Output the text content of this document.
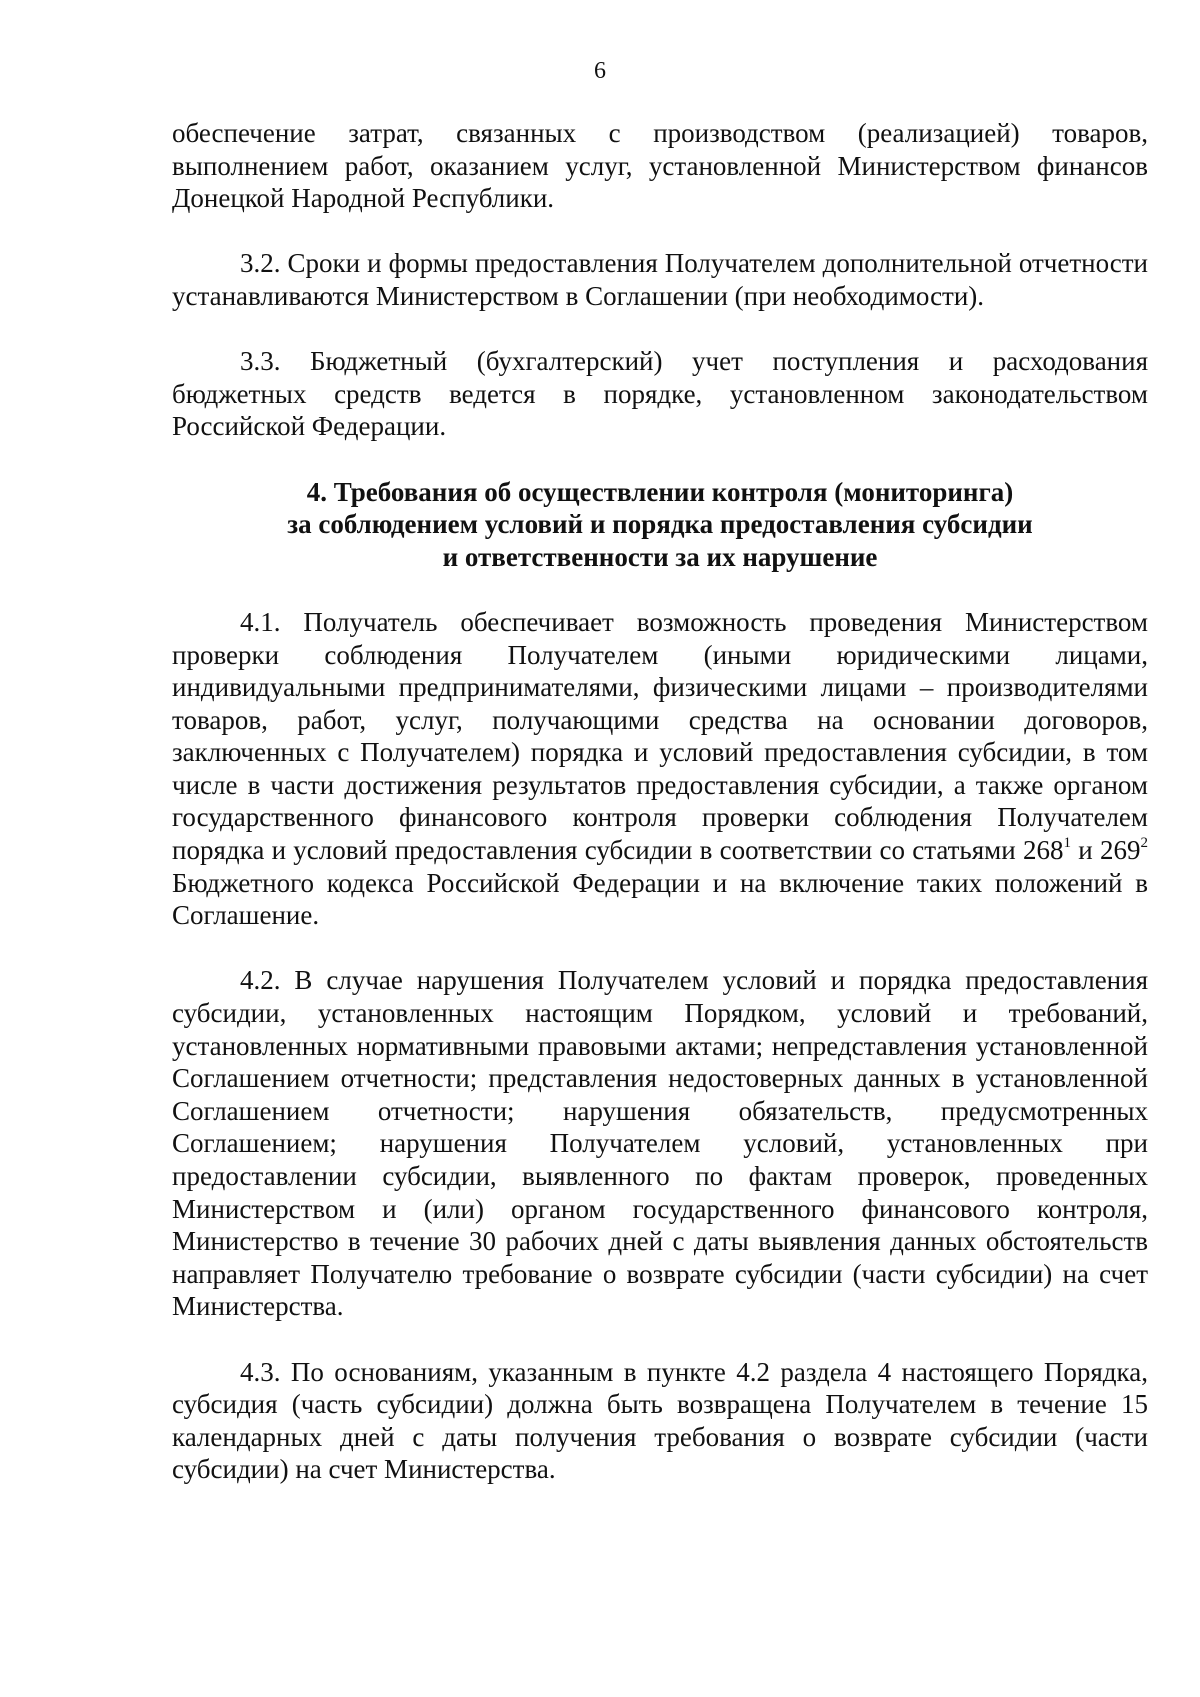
6

обеспечение затрат, связанных с производством (реализацией) товаров, выполнением работ, оказанием услуг, установленной Министерством финансов Донецкой Народной Республики.

3.2. Сроки и формы предоставления Получателем дополнительной отчетности устанавливаются Министерством в Соглашении (при необходимости).

3.3. Бюджетный (бухгалтерский) учет поступления и расходования бюджетных средств ведется в порядке, установленном законодательством Российской Федерации.

4. Требования об осуществлении контроля (мониторинга)
за соблюдением условий и порядка предоставления субсидии
и ответственности за их нарушение

4.1. Получатель обеспечивает возможность проведения Министерством проверки соблюдения Получателем (иными юридическими лицами, индивидуальными предпринимателями, физическими лицами – производителями товаров, работ, услуг, получающими средства на основании договоров, заключенных с Получателем) порядка и условий предоставления субсидии, в том числе в части достижения результатов предоставления субсидии, а также органом государственного финансового контроля проверки соблюдения Получателем порядка и условий предоставления субсидии в соответствии со статьями $268^1$ и $269^2$ Бюджетного кодекса Российской Федерации и на включение таких положений в Соглашение.

4.2. В случае нарушения Получателем условий и порядка предоставления субсидии, установленных настоящим Порядком, условий и требований, установленных нормативными правовыми актами; непредставления установленной Соглашением отчетности; представления недостоверных данных в установленной Соглашением отчетности; нарушения обязательств, предусмотренных Соглашением; нарушения Получателем условий, установленных при предоставлении субсидии, выявленного по фактам проверок, проведенных Министерством и (или) органом государственного финансового контроля, Министерство в течение 30 рабочих дней с даты выявления данных обстоятельств направляет Получателю требование о возврате субсидии (части субсидии) на счет Министерства.

4.3. По основаниям, указанным в пункте 4.2 раздела 4 настоящего Порядка, субсидия (часть субсидии) должна быть возвращена Получателем в течение 15 календарных дней с даты получения требования о возврате субсидии (части субсидии) на счет Министерства.
